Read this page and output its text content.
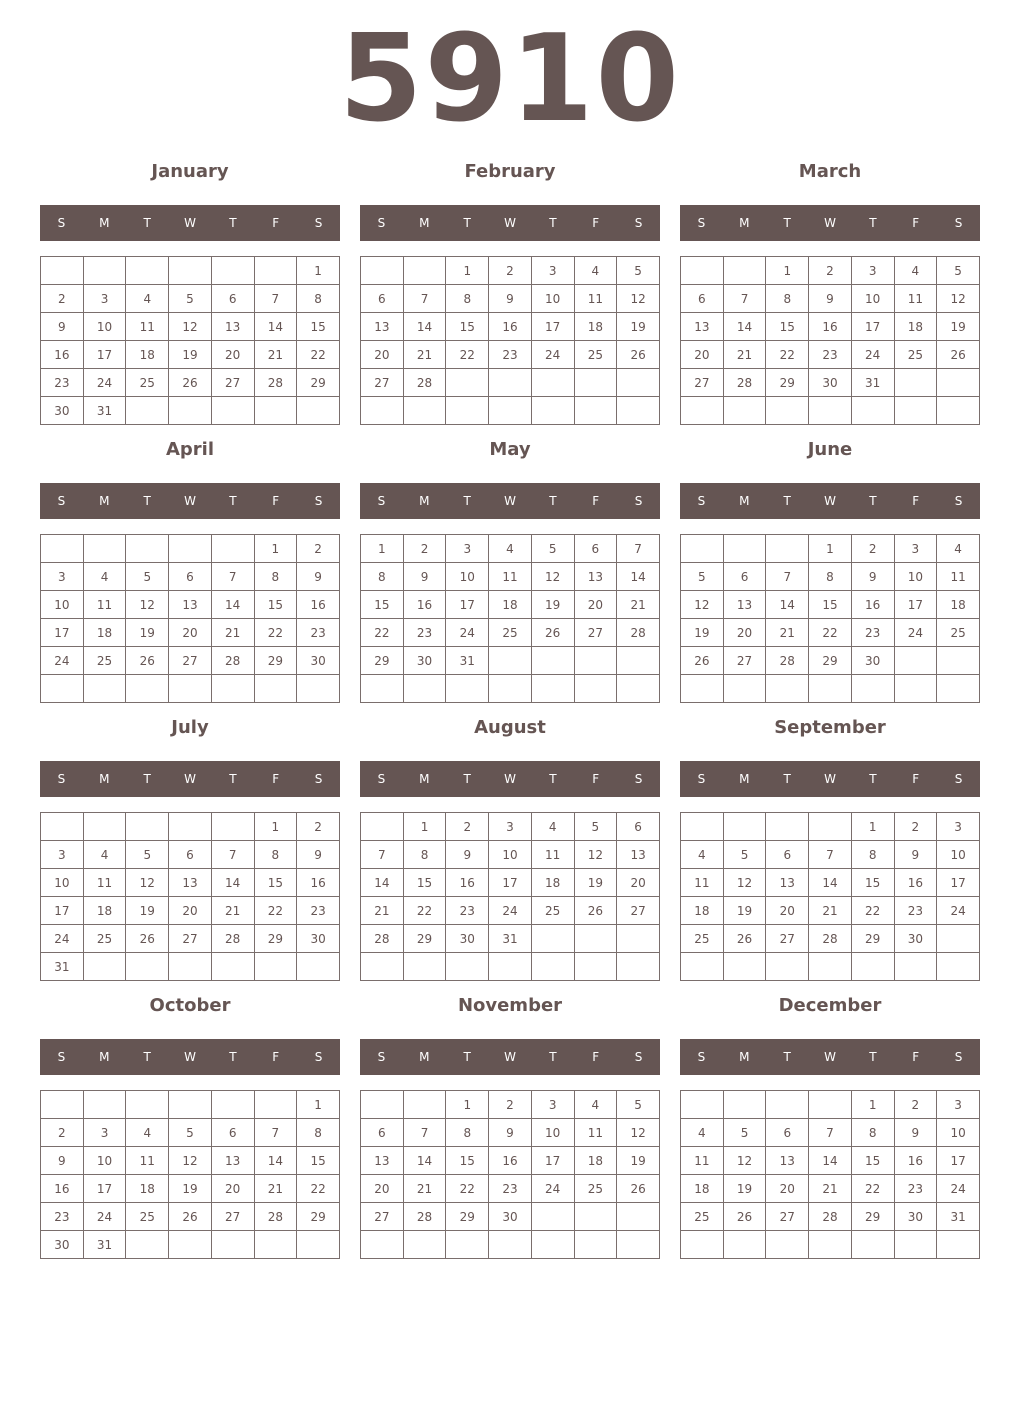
5910
January
S	M	T	W	T	F	S
						1
2	3	4	5	6	7	8
9	10	11	12	13	14	15
16	17	18	19	20	21	22
23	24	25	26	27	28	29
30	31					
February
S	M	T	W	T	F	S
		1	2	3	4	5
6	7	8	9	10	11	12
13	14	15	16	17	18	19
20	21	22	23	24	25	26
27	28					

March
S	M	T	W	T	F	S
		1	2	3	4	5
6	7	8	9	10	11	12
13	14	15	16	17	18	19
20	21	22	23	24	25	26
27	28	29	30	31		

April
S	M	T	W	T	F	S
					1	2
3	4	5	6	7	8	9
10	11	12	13	14	15	16
17	18	19	20	21	22	23
24	25	26	27	28	29	30

May
S	M	T	W	T	F	S
1	2	3	4	5	6	7
8	9	10	11	12	13	14
15	16	17	18	19	20	21
22	23	24	25	26	27	28
29	30	31				

June
S	M	T	W	T	F	S
			1	2	3	4
5	6	7	8	9	10	11
12	13	14	15	16	17	18
19	20	21	22	23	24	25
26	27	28	29	30		

July
S	M	T	W	T	F	S
					1	2
3	4	5	6	7	8	9
10	11	12	13	14	15	16
17	18	19	20	21	22	23
24	25	26	27	28	29	30
31						
August
S	M	T	W	T	F	S
	1	2	3	4	5	6
7	8	9	10	11	12	13
14	15	16	17	18	19	20
21	22	23	24	25	26	27
28	29	30	31			

September
S	M	T	W	T	F	S
				1	2	3
4	5	6	7	8	9	10
11	12	13	14	15	16	17
18	19	20	21	22	23	24
25	26	27	28	29	30	

October
S	M	T	W	T	F	S
						1
2	3	4	5	6	7	8
9	10	11	12	13	14	15
16	17	18	19	20	21	22
23	24	25	26	27	28	29
30	31					
November
S	M	T	W	T	F	S
		1	2	3	4	5
6	7	8	9	10	11	12
13	14	15	16	17	18	19
20	21	22	23	24	25	26
27	28	29	30			

December
S	M	T	W	T	F	S
				1	2	3
4	5	6	7	8	9	10
11	12	13	14	15	16	17
18	19	20	21	22	23	24
25	26	27	28	29	30	31
